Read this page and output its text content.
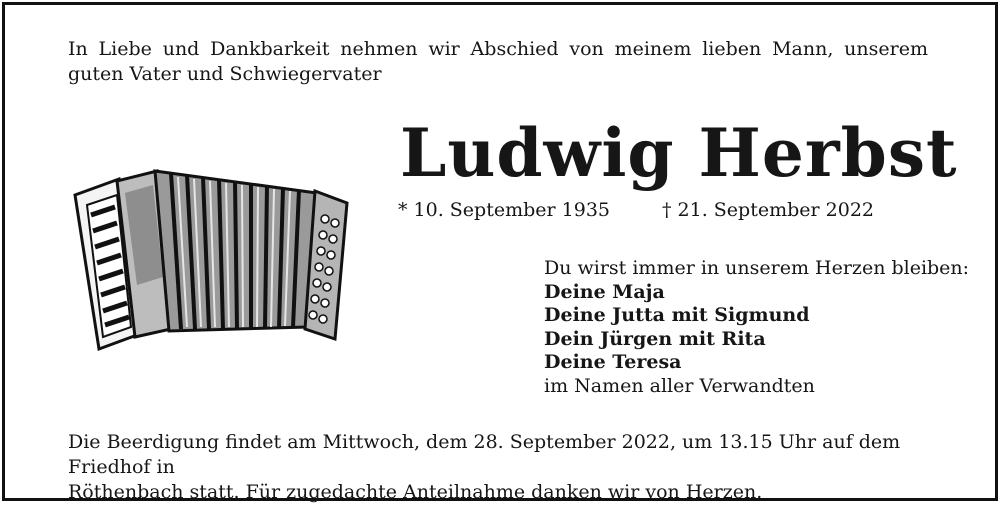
In Liebe und Dankbarkeit nehmen wir Abschied von meinem lieben Mann, unserem
guten Vater und Schwiegervater

Ludwig Herbst
* 10. September 1935	† 21. September 2022
Du wirst immer in unserem Herzen bleiben:
Deine Maja
Deine Jutta mit Sigmund
Dein Jürgen mit Rita
Deine Teresa
im Namen aller Verwandten

Die Beerdigung findet am Mittwoch, dem 28. September 2022, um 13.15 Uhr auf dem Friedhof in
Röthenbach statt. Für zugedachte Anteilnahme danken wir von Herzen.
